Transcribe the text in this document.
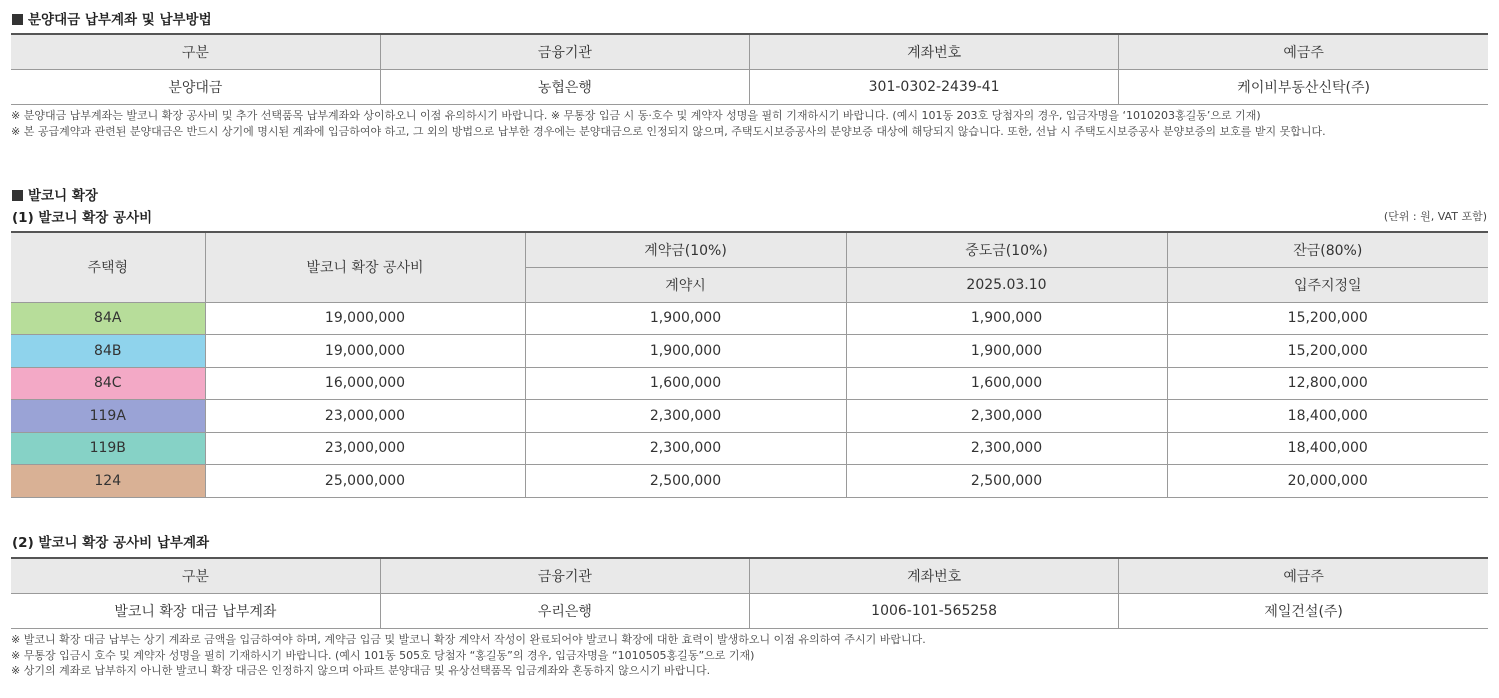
분양대금 납부계좌 및 납부방법
구분	금융기관	계좌번호	예금주
분양대금	농협은행	301-0302-2439-41	케이비부동산신탁(주)
※ 분양대금 납부계좌는 발코니 확장 공사비 및 추가 선택품목 납부계좌와 상이하오니 이점 유의하시기 바랍니다. ※ 무통장 입금 시 동·호수 및 계약자 성명을 필히 기재하시기 바랍니다. (예시 101동 203호 당첨자의 경우, 입금자명을 ‘1010203홍길동’으로 기재)
※ 본 공급계약과 관련된 분양대금은 반드시 상기에 명시된 계좌에 입금하여야 하고, 그 외의 방법으로 납부한 경우에는 분양대금으로 인정되지 않으며, 주택도시보증공사의 분양보증 대상에 해당되지 않습니다. 또한, 선납 시 주택도시보증공사 분양보증의 보호를 받지 못합니다.
발코니 확장
(1) 발코니 확장 공사비	(단위 : 원, VAT 포함)
주택형	발코니 확장 공사비	계약금(10%)	중도금(10%)	잔금(80%)
		계약시	2025.03.10	입주지정일
84A	19,000,000	1,900,000	1,900,000	15,200,000
84B	19,000,000	1,900,000	1,900,000	15,200,000
84C	16,000,000	1,600,000	1,600,000	12,800,000
119A	23,000,000	2,300,000	2,300,000	18,400,000
119B	23,000,000	2,300,000	2,300,000	18,400,000
124	25,000,000	2,500,000	2,500,000	20,000,000
(2) 발코니 확장 공사비 납부계좌
구분	금융기관	계좌번호	예금주
발코니 확장 대금 납부계좌	우리은행	1006-101-565258	제일건설(주)
※ 발코니 확장 대금 납부는 상기 계좌로 금액을 입금하여야 하며, 계약금 입금 및 발코니 확장 계약서 작성이 완료되어야 발코니 확장에 대한 효력이 발생하오니 이점 유의하여 주시기 바랍니다.
※ 무통장 입금시 호수 및 계약자 성명을 필히 기재하시기 바랍니다. (예시 101동 505호 당첨자 “홍길동”의 경우, 입금자명을 “1010505홍길동”으로 기재)
※ 상기의 계좌로 납부하지 아니한 발코니 확장 대금은 인정하지 않으며 아파트 분양대금 및 유상선택품목 입금계좌와 혼동하지 않으시기 바랍니다.
